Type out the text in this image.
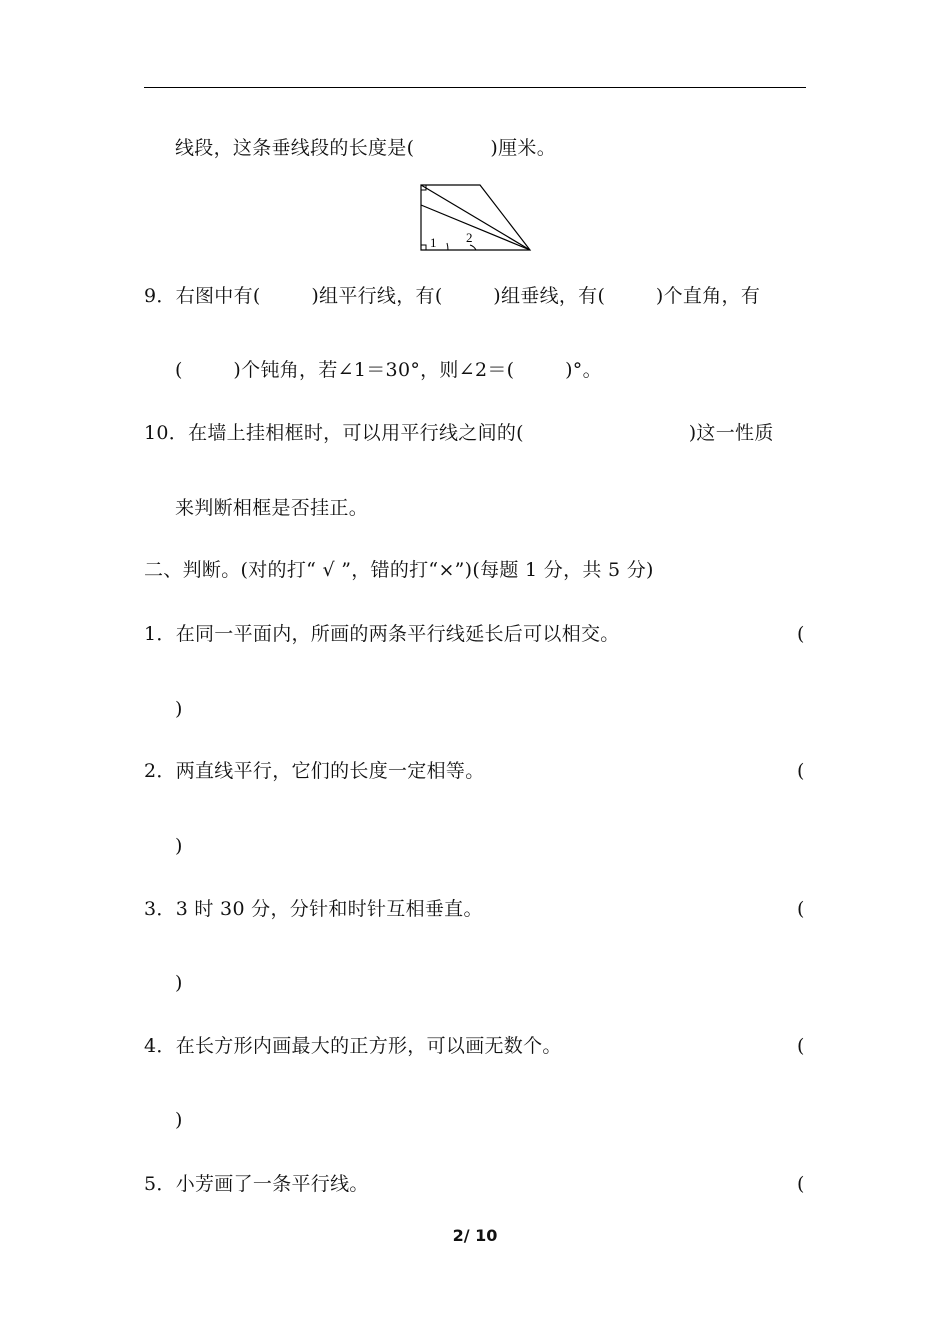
线段，这条垂线段的长度是(            )厘米。
1 2
9．右图中有(        )组平行线，有(        )组垂线，有(        )个直角，有
(        )个钝角，若∠1＝30°，则∠2＝(        )°。
10．在墙上挂相框时，可以用平行线之间的(                          )这一性质
来判断相框是否挂正。
二、判断。(对的打“ √ ”，错的打“×”)(每题 1 分，共 5 分)
1．在同一平面内，所画的两条平行线延长后可以相交。	(
)
2．两直线平行，它们的长度一定相等。	(
)
3．3 时 30 分，分针和时针互相垂直。	(
)
4．在长方形内画最大的正方形，可以画无数个。	(
)
5．小芳画了一条平行线。	(
2/ 10
